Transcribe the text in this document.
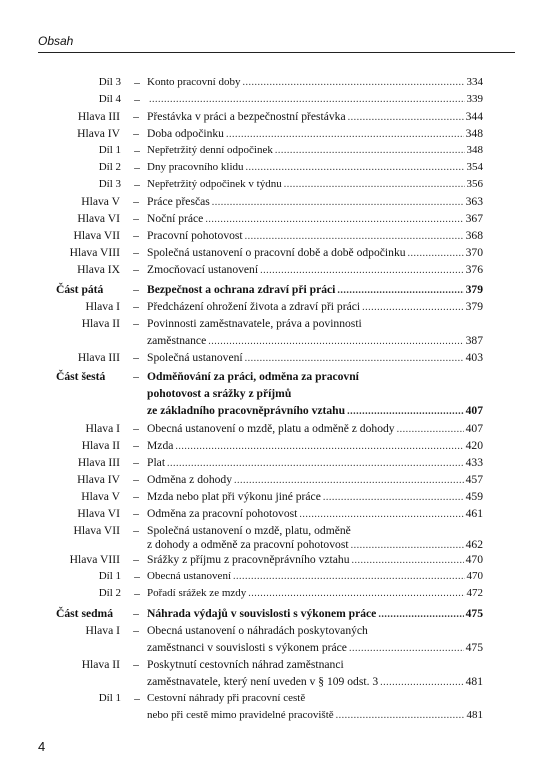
Obsah
Díl 3 – Konto pracovní doby .....	334
Díl 4 – .....	339
Hlava III – Přestávka v práci a bezpečnostní přestávka .....	344
Hlava IV – Doba odpočinku .....	348
Díl 1 – Nepřetržitý denní odpočinek .....	348
Díl 2 – Dny pracovního klidu .....	354
Díl 3 – Nepřetržitý odpočinek v týdnu .....	356
Hlava V – Práce přesčas .....	363
Hlava VI – Noční práce .....	367
Hlava VII – Pracovní pohotovost .....	368
Hlava VIII – Společná ustanovení o pracovní době a době odpočinku .....	370
Hlava IX – Zmocňovací ustanovení .....	376
Část pátá	– Bezpečnost a ochrana zdraví při práci .....	379
Hlava I – Předcházení ohrožení života a zdraví při práci .....	379
Hlava II – Povinnosti zaměstnavatele, práva a povinnosti
zaměstnance .....	387
Hlava III – Společná ustanovení .....	403
Část šestá – Odměňování za práci, odměna za pracovní
pohotovost a srážky z příjmů
ze základního pracovněprávního vztahu .....	407
Hlava I – Obecná ustanovení o mzdě, platu a odměně z dohody .....	407
Hlava II – Mzda .....	420
Hlava III – Plat .....	433
Hlava IV – Odměna z dohody .....	457
Hlava V – Mzda nebo plat při výkonu jiné práce .....	459
Hlava VI – Odměna za pracovní pohotovost .....	461
Hlava VII – Společná ustanovení o mzdě, platu, odměně
z dohody a odměně za pracovní pohotovost .....	462
Hlava VIII – Srážky z příjmu z pracovněprávního vztahu .....	470
Díl 1 – Obecná ustanovení .....	470
Díl 2 – Pořadí srážek ze mzdy .....	472
Část sedmá – Náhrada výdajů v souvislosti s výkonem práce .....	475
Hlava I – Obecná ustanovení o náhradách poskytovaných
zaměstnanci v souvislosti s výkonem práce .....	475
Hlava II – Poskytnutí cestovních náhrad zaměstnanci
zaměstnavatele, který není uveden v § 109 odst. 3 .....	481
Díl 1 – Cestovní náhrady při pracovní cestě
nebo při cestě mimo pravidelné pracoviště .....	481
4
